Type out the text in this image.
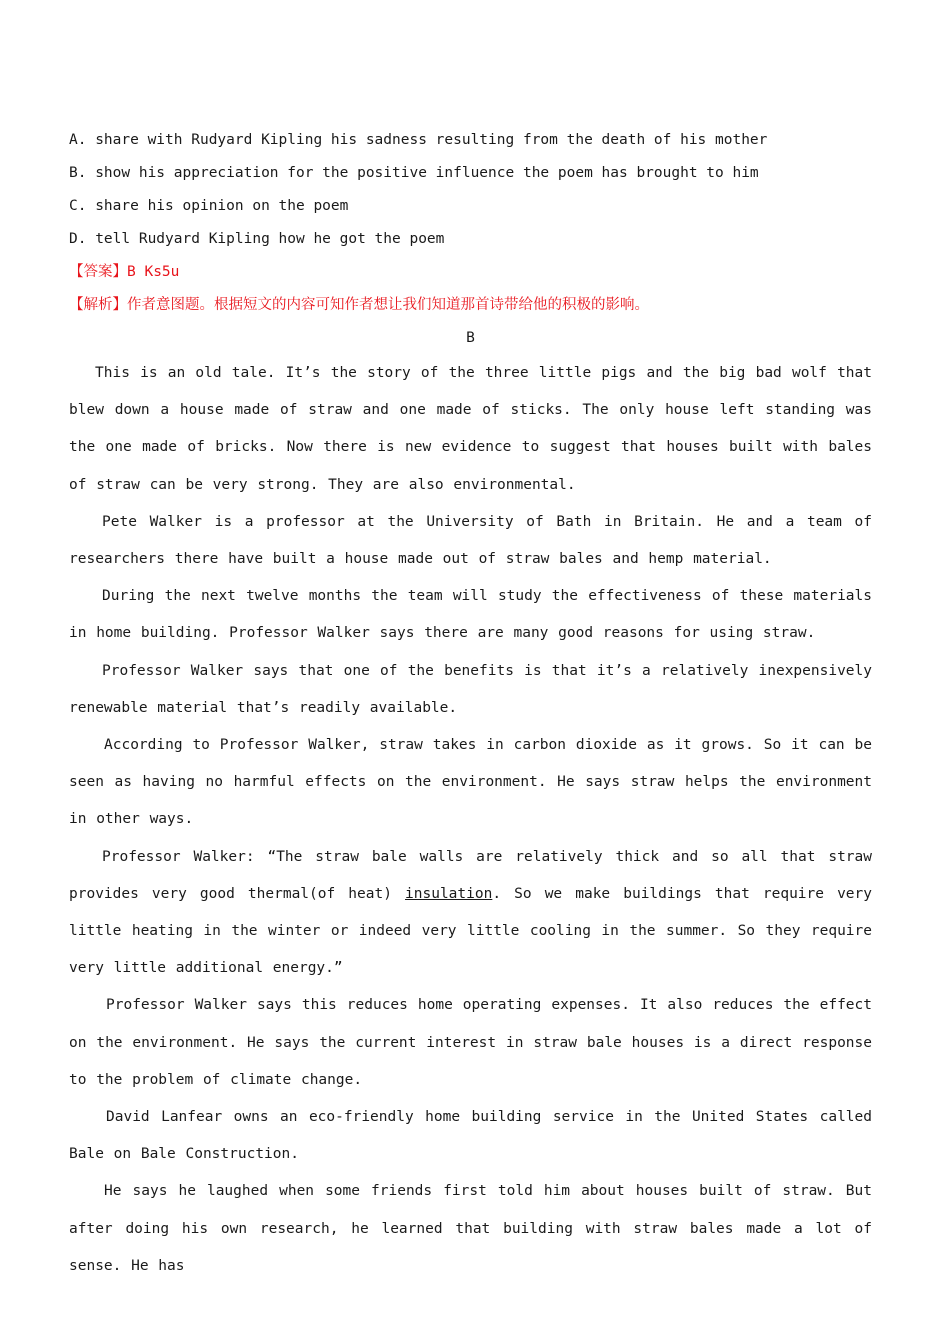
A. share with Rudyard Kipling his sadness resulting from the death of his mother

B. show his appreciation for the positive influence the poem has brought to him

C. share his opinion on the poem

D. tell Rudyard Kipling how he got the poem

【答案】B Ks5u

【解析】作者意图题。根据短文的内容可知作者想让我们知道那首诗带给他的积极的影响。

B

This is an old tale. It’s the story of the three little pigs and the big bad wolf that blew down a house made of straw and one made of sticks. The only house left standing was the one made of bricks. Now there is new evidence to suggest that houses built with bales of straw can be very strong. They are also environmental.

Pete Walker is a professor at the University of Bath in Britain. He and a team of researchers there have built a house made out of straw bales and hemp material.

During the next twelve months the team will study the effectiveness of these materials in home building. Professor Walker says there are many good reasons for using straw.

Professor Walker says that one of the benefits is that it’s a relatively inexpensively renewable material that’s readily available.

According to Professor Walker, straw takes in carbon dioxide as it grows. So it can be seen as having no harmful effects on the environment. He says straw helps the environment in other ways.

Professor Walker: “The straw bale walls are relatively thick and so all that straw provides very good thermal(of heat) insulation. So we make buildings that require very little heating in the winter or indeed very little cooling in the summer. So they require very little additional energy.”

Professor Walker says this reduces home operating expenses. It also reduces the effect on the environment. He says the current interest in straw bale houses is a direct response to the problem of climate change.

David Lanfear owns an eco-friendly home building service in the United States called Bale on Bale Construction.

He says he laughed when some friends first told him about houses built of straw. But after doing his own research, he learned that building with straw bales made a lot of sense. He has
